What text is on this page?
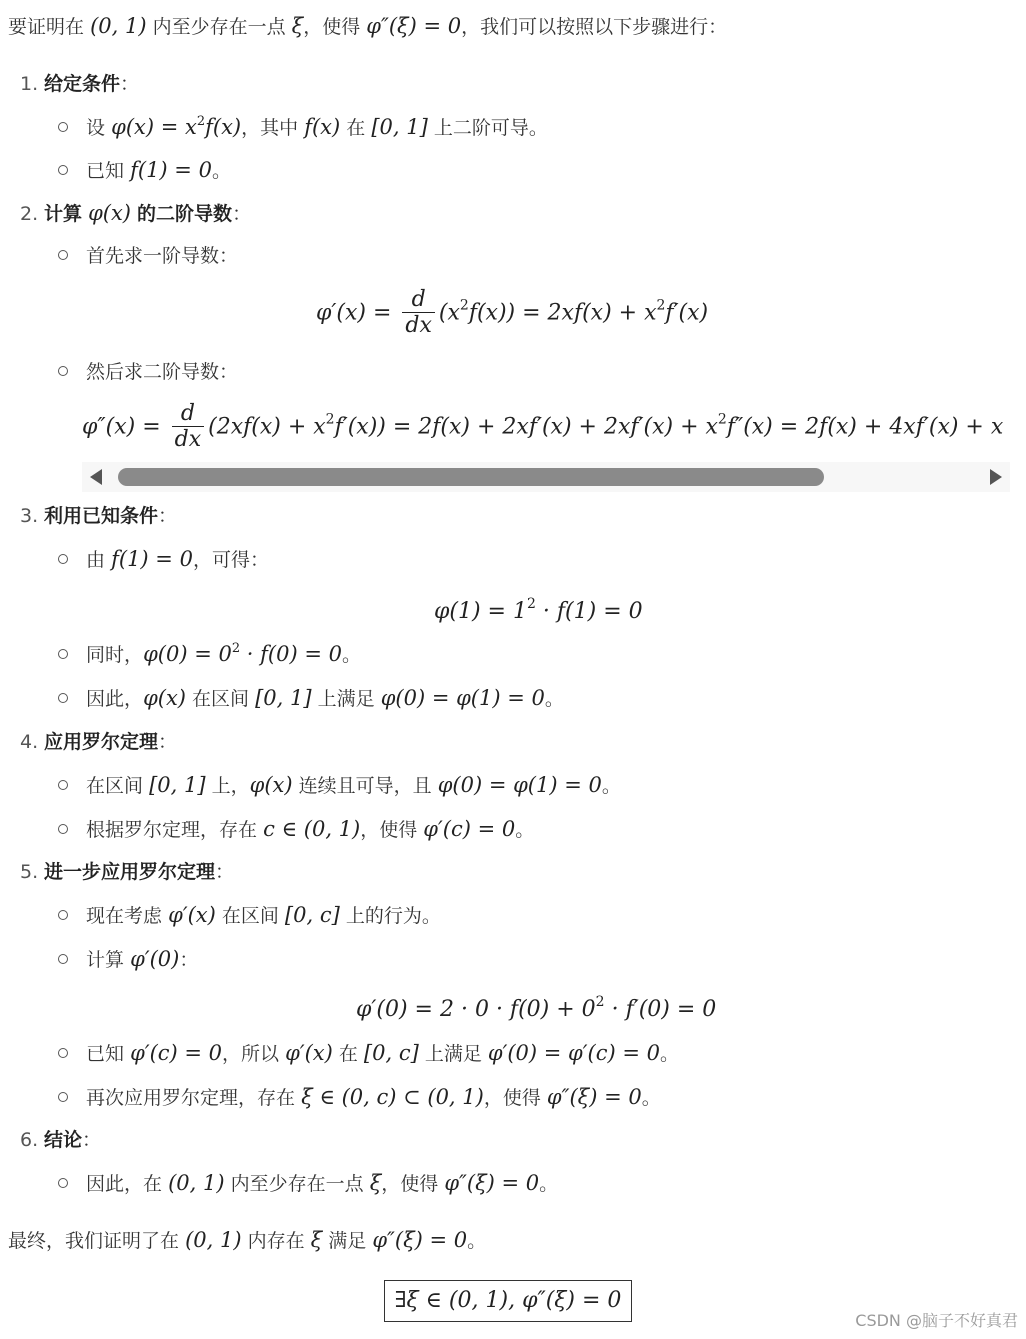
要证明在 (0, 1) 内至少存在一点 ξ，使得 φ″(ξ) = 0，我们可以按照以下步骤进行：
1. 给定条件：
设 $\varphi(x) = x^2f(x)$，其中 f(x) 在 [0, 1] 上二阶可导。
已知 f(1) = 0。
2. 计算 φ(x) 的二阶导数：
首先求一阶导数：
$\varphi'(x) = \frac{d}{dx} (x^2f(x)) = 2xf(x) + x^2f'(x)$
然后求二阶导数：
$\varphi''(x) = \frac{d}{dx} (2xf(x) + x^2f'(x)) = 2f(x) + 2xf'(x) + 2xf'(x) + x^2f''(x) = 2f(x) + 4xf'(x) + x$
3. 利用已知条件：
由 f(1) = 0，可得：
$\varphi(1) = 1^2 \cdot f(1) = 0$
同时，$\varphi(0) = 0^2 \cdot f(0) = 0$。
因此，φ(x) 在区间 [0, 1] 上满足 φ(0) = φ(1) = 0。
4. 应用罗尔定理：
在区间 [0, 1] 上，φ(x) 连续且可导，且 φ(0) = φ(1) = 0。
根据罗尔定理，存在 c ∈ (0, 1)，使得 φ′(c) = 0。
5. 进一步应用罗尔定理：
现在考虑 φ′(x) 在区间 [0, c] 上的行为。
计算 φ′(0)：
$\varphi'(0) = 2 \cdot 0 \cdot f(0) + 0^2 \cdot f'(0) = 0$
已知 φ′(c) = 0，所以 φ′(x) 在 [0, c] 上满足 φ′(0) = φ′(c) = 0。
再次应用罗尔定理，存在 ξ ∈ (0, c) ⊂ (0, 1)，使得 φ″(ξ) = 0。
6. 结论：
因此，在 (0, 1) 内至少存在一点 ξ，使得 φ″(ξ) = 0。
最终，我们证明了在 (0, 1) 内存在 ξ 满足 φ″(ξ) = 0。
∃ξ ∈ (0, 1), φ″(ξ) = 0
CSDN @脑子不好真君
